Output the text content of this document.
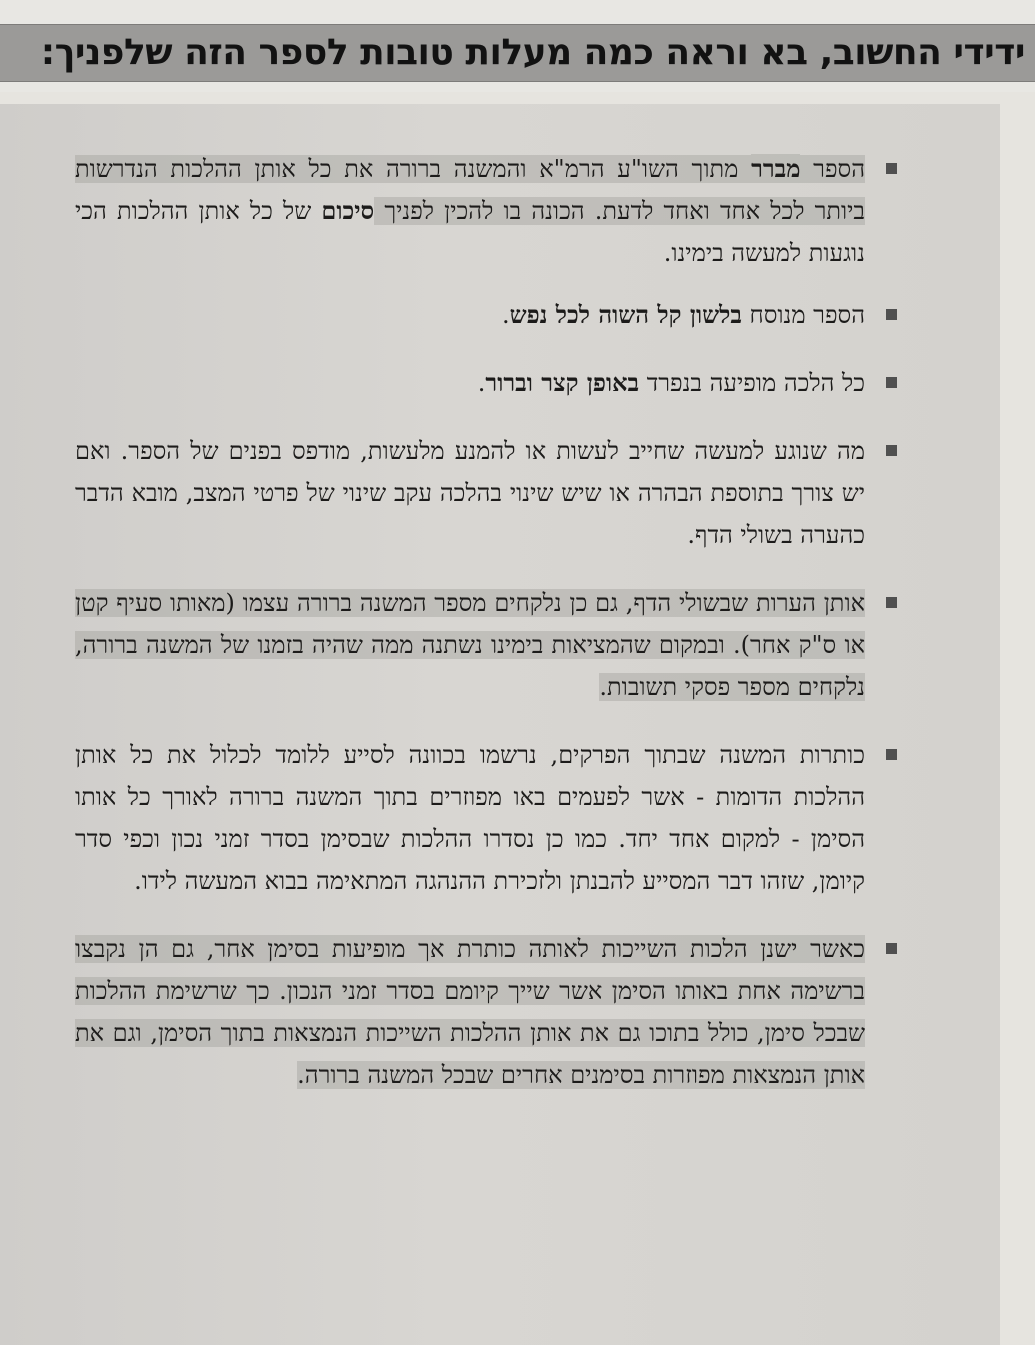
ידידי החשוב, בא וראה כמה מעלות טובות לספר הזה שלפניך:
הספר מברר מתוך השו"ע הרמ"א והמשנה ברורה את כל אותן ההלכות הנדרשות ביותר לכל אחד ואחד לדעת. הכונה בו להכין לפניך סיכום של כל אותן ההלכות הכי נוגעות למעשה בימינו.
הספר מנוסח בלשון קל השוה לכל נפש.
כל הלכה מופיעה בנפרד באופן קצר וברור.
מה שנוגע למעשה שחייב לעשות או להמנע מלעשות, מודפס בפנים של הספר. ואם יש צורך בתוספת הבהרה או שיש שינוי בהלכה עקב שינוי של פרטי המצב, מובא הדבר כהערה בשולי הדף.
אותן הערות שבשולי הדף, גם כן נלקחים מספר המשנה ברורה עצמו (מאותו סעיף קטן או ס"ק אחר). ובמקום שהמציאות בימינו נשתנה ממה שהיה בזמנו של המשנה ברורה, נלקחים מספר פסקי תשובות.
כותרות המשנה שבתוך הפרקים, נרשמו בכוונה לסייע ללומד לכלול את כל אותן ההלכות הדומות - אשר לפעמים באו מפוזרים בתוך המשנה ברורה לאורך כל אותו הסימן - למקום אחד יחד. כמו כן נסדרו ההלכות שבסימן בסדר זמני נכון וכפי סדר קיומן, שזהו דבר המסייע להבנתן ולזכירת ההנהגה המתאימה בבוא המעשה לידו.
כאשר ישנן הלכות השייכות לאותה כותרת אך מופיעות בסימן אחר, גם הן נקבצו ברשימה אחת באותו הסימן אשר שייך קיומם בסדר זמני הנכון. כך שרשימת ההלכות שבכל סימן, כולל בתוכו גם את אותן ההלכות השייכות הנמצאות בתוך הסימן, וגם את אותן הנמצאות מפוזרות בסימנים אחרים שבכל המשנה ברורה.
